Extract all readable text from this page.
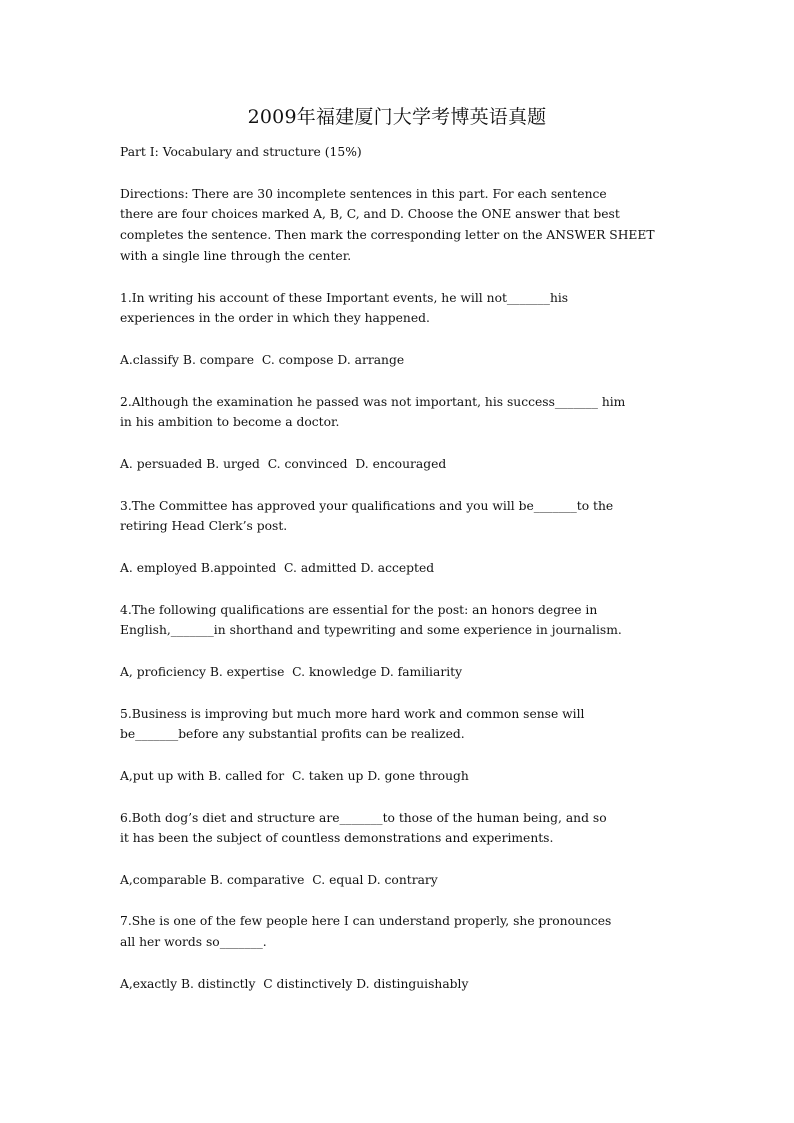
2009年福建厦门大学考博英语真题

Part I: Vocabulary and structure (15%)

Directions: There are 30 incomplete sentences in this part. For each sentence
there are four choices marked A, B, C, and D. Choose the ONE answer that best
completes the sentence. Then mark the corresponding letter on the ANSWER SHEET
with a single line through the center.

1.In writing his account of these Important events, he will not_______his
experiences in the order in which they happened.

A.classify B. compare  C. compose D. arrange

2.Although the examination he passed was not important, his success_______ him
in his ambition to become a doctor.

A. persuaded B. urged  C. convinced  D. encouraged

3.The Committee has approved your qualifications and you will be_______to the
retiring Head Clerk’s post.

A. employed B.appointed  C. admitted D. accepted

4.The following qualifications are essential for the post: an honors degree in
English,_______in shorthand and typewriting and some experience in journalism.

A, proficiency B. expertise  C. knowledge D. familiarity

5.Business is improving but much more hard work and common sense will
be_______before any substantial profits can be realized.

A,put up with B. called for  C. taken up D. gone through

6.Both dog’s diet and structure are_______to those of the human being, and so
it has been the subject of countless demonstrations and experiments.

A,comparable B. comparative  C. equal D. contrary

7.She is one of the few people here I can understand properly, she pronounces
all her words so_______.

A,exactly B. distinctly  C distinctively D. distinguishably
